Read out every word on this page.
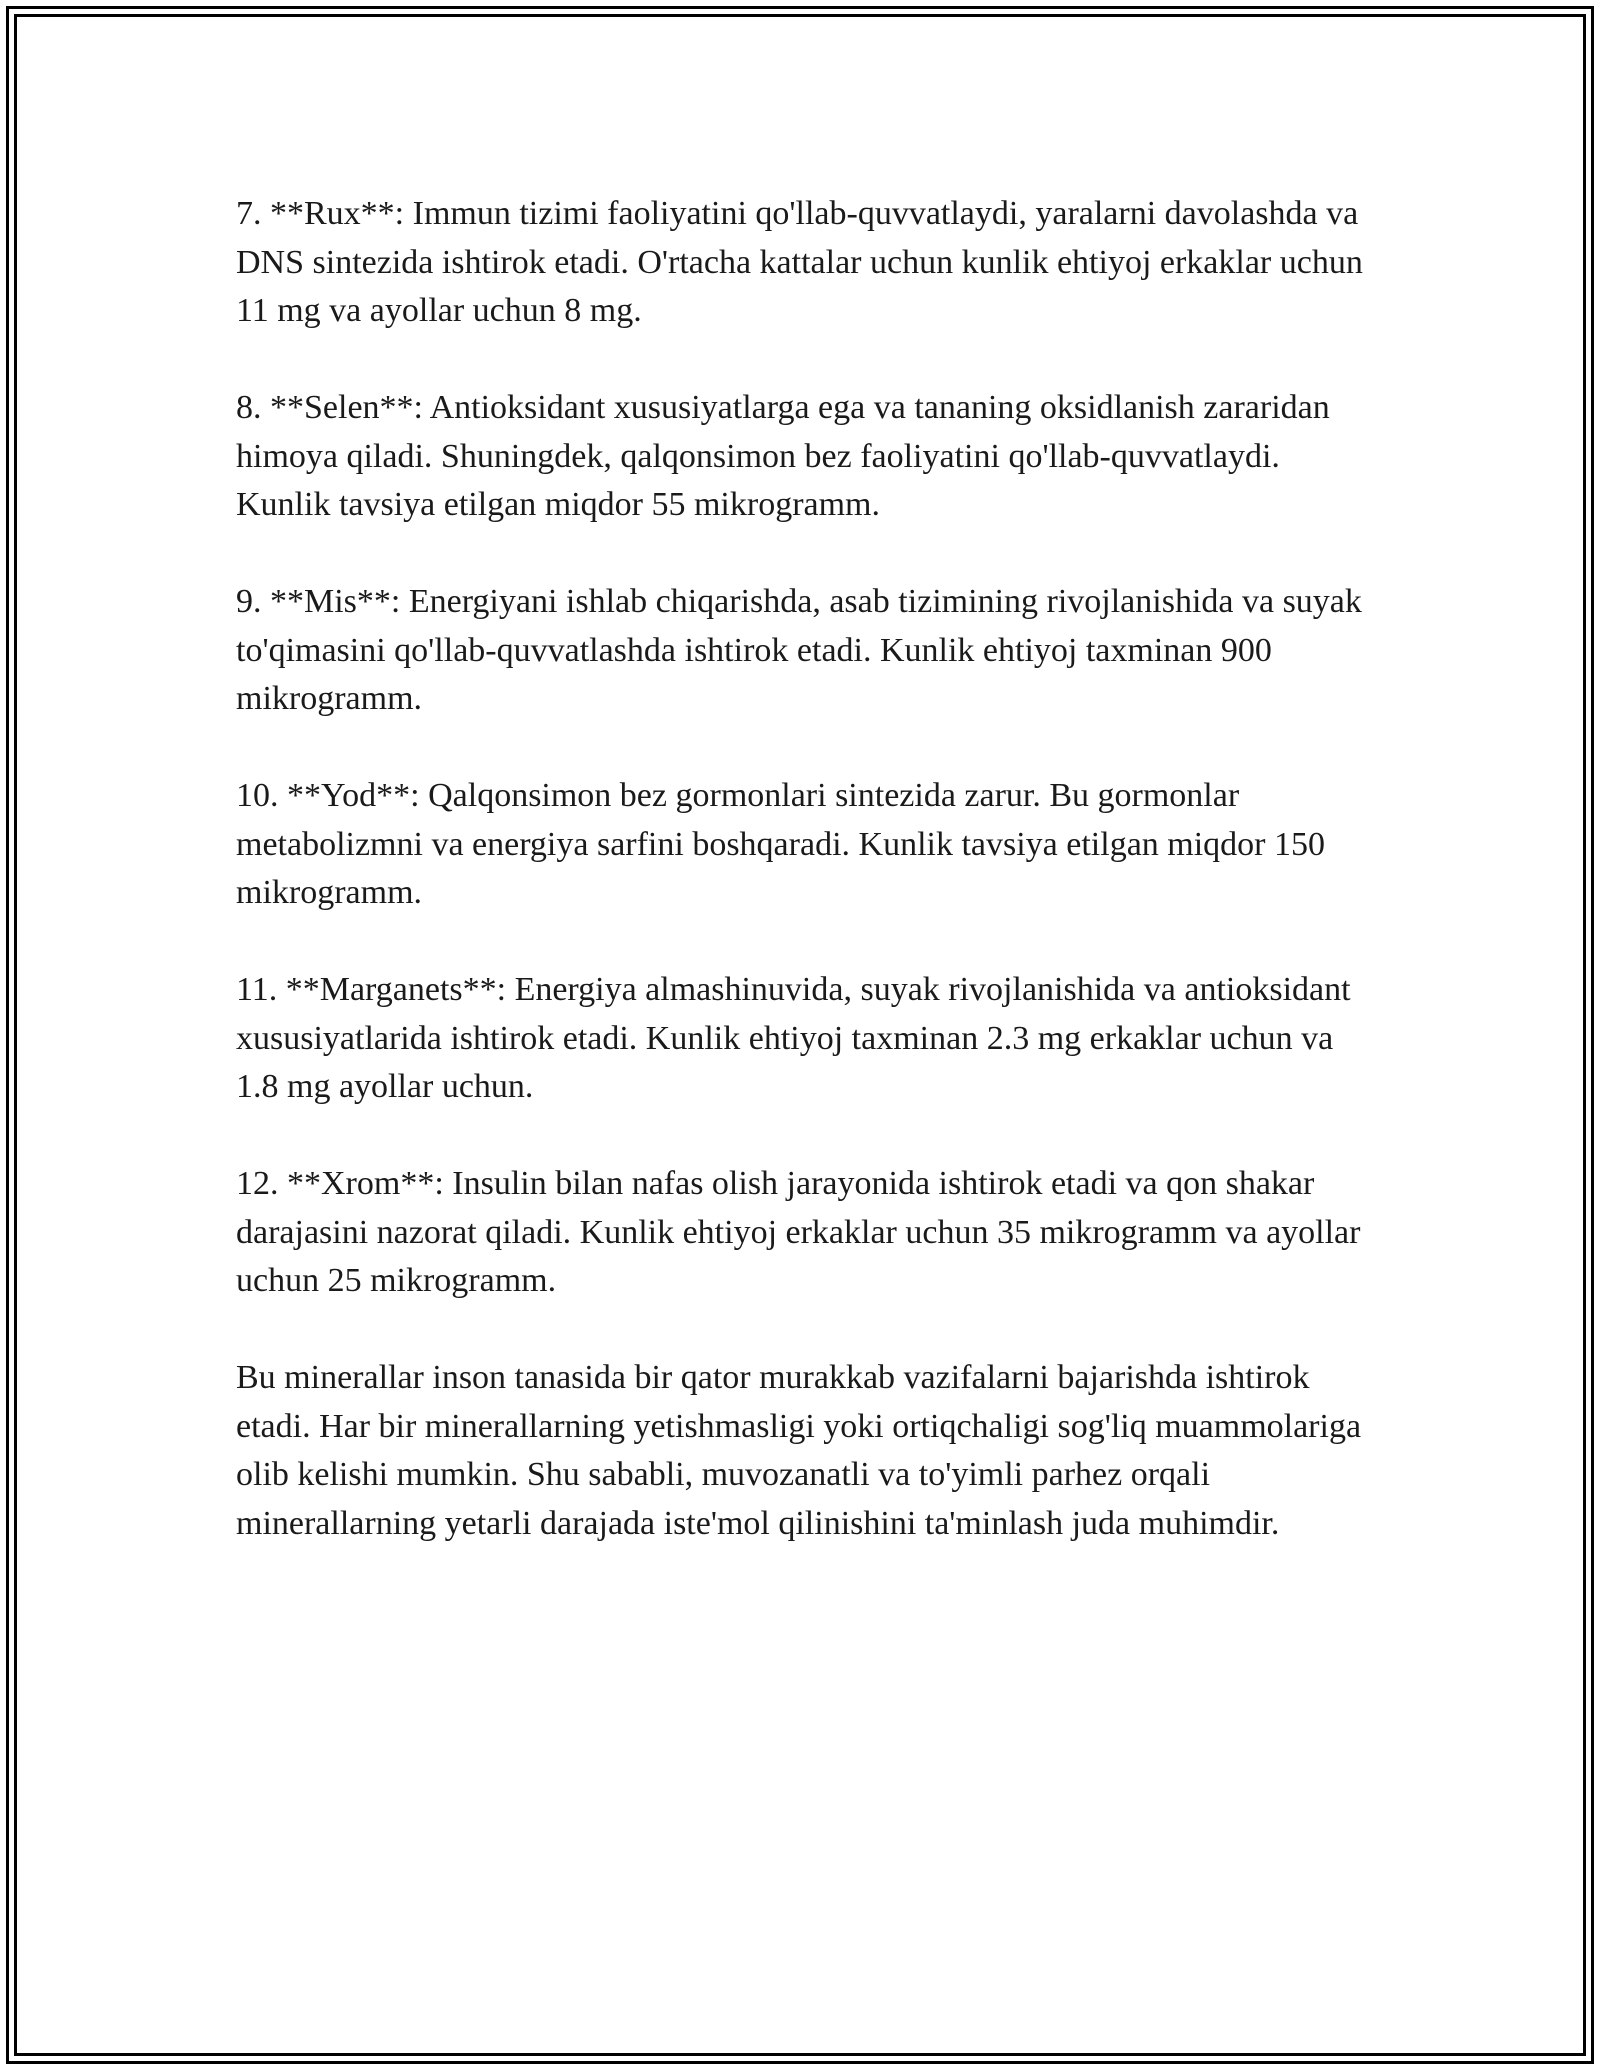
7. **Rux**: Immun tizimi faoliyatini qo'llab-quvvatlaydi, yaralarni davolashda va DNS sintezida ishtirok etadi. O'rtacha kattalar uchun kunlik ehtiyoj erkaklar uchun 11 mg va ayollar uchun 8 mg.

8. **Selen**: Antioksidant xususiyatlarga ega va tananing oksidlanish zararidan himoya qiladi. Shuningdek, qalqonsimon bez faoliyatini qo'llab-quvvatlaydi. Kunlik tavsiya etilgan miqdor 55 mikrogramm.

9. **Mis**: Energiyani ishlab chiqarishda, asab tizimining rivojlanishida va suyak to'qimasini qo'llab-quvvatlashda ishtirok etadi. Kunlik ehtiyoj taxminan 900 mikrogramm.

10. **Yod**: Qalqonsimon bez gormonlari sintezida zarur. Bu gormonlar metabolizmni va energiya sarfini boshqaradi. Kunlik tavsiya etilgan miqdor 150 mikrogramm.

11. **Marganets**: Energiya almashinuvida, suyak rivojlanishida va antioksidant xususiyatlarida ishtirok etadi. Kunlik ehtiyoj taxminan 2.3 mg erkaklar uchun va 1.8 mg ayollar uchun.

12. **Xrom**: Insulin bilan nafas olish jarayonida ishtirok etadi va qon shakar darajasini nazorat qiladi. Kunlik ehtiyoj erkaklar uchun 35 mikrogramm va ayollar uchun 25 mikrogramm.

Bu minerallar inson tanasida bir qator murakkab vazifalarni bajarishda ishtirok etadi. Har bir minerallarning yetishmasligi yoki ortiqchaligi sog'liq muammolariga olib kelishi mumkin. Shu sababli, muvozanatli va to'yimli parhez orqali minerallarning yetarli darajada iste'mol qilinishini ta'minlash juda muhimdir.
